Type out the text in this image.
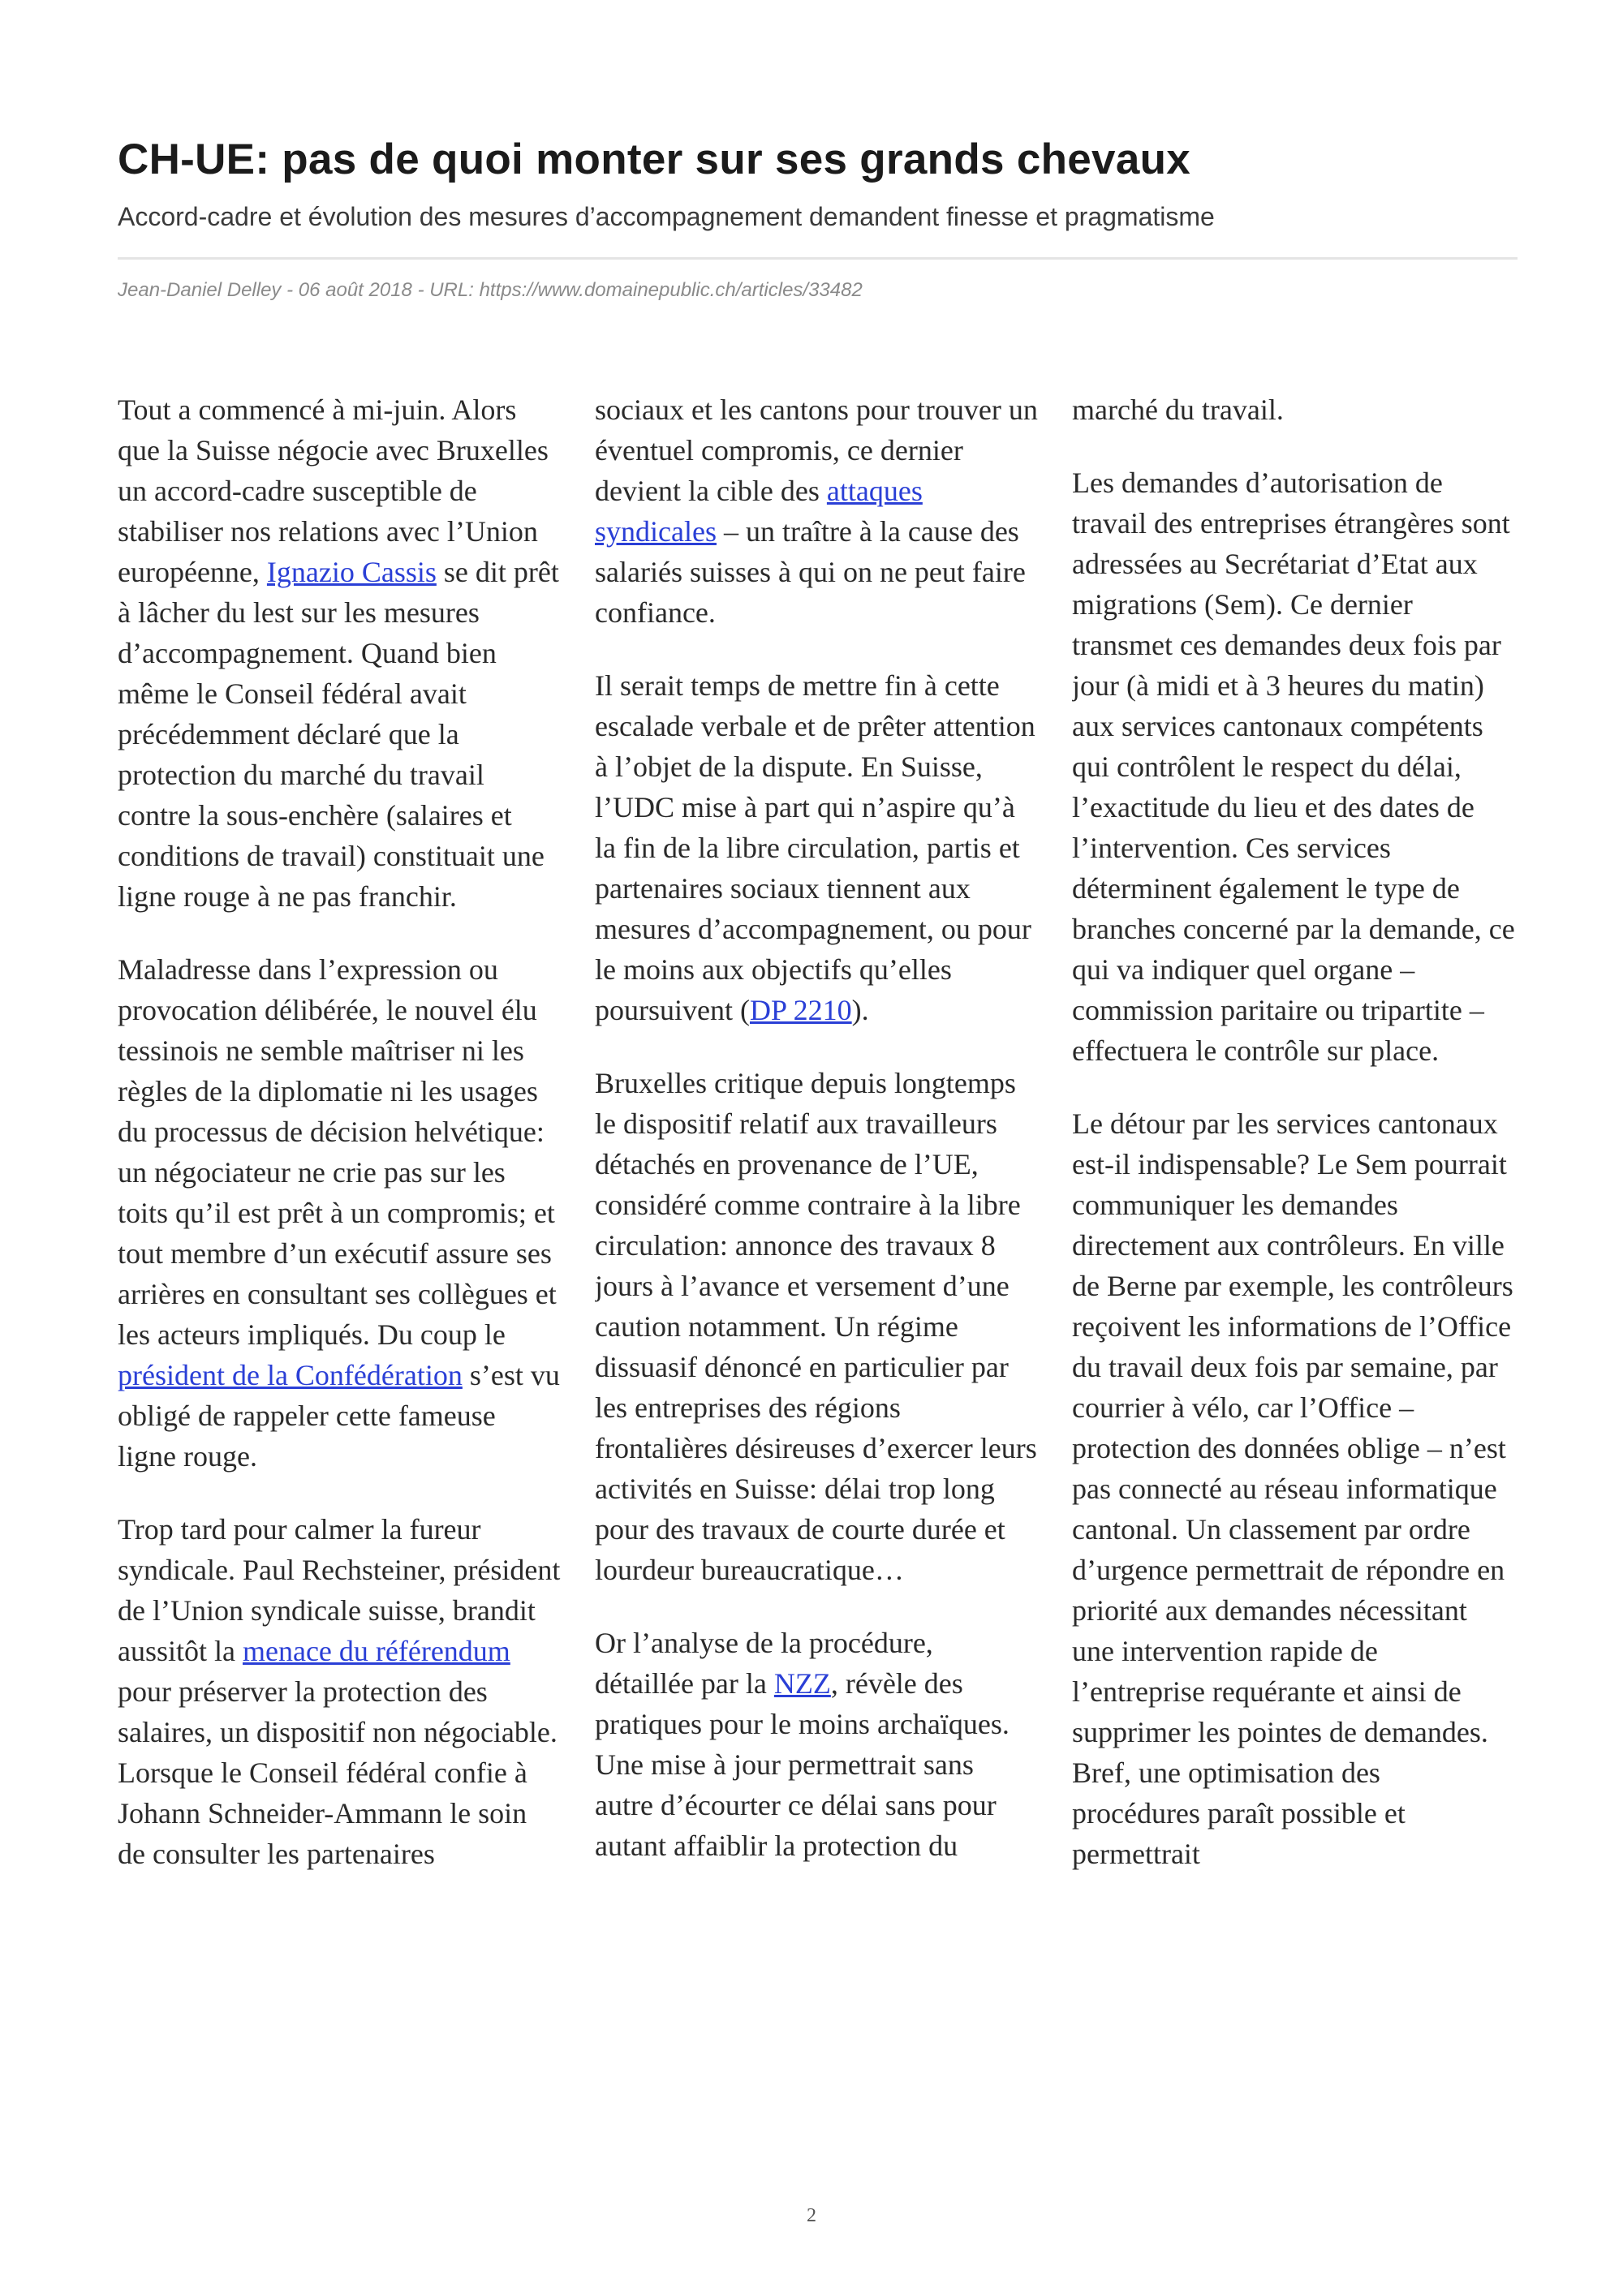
CH-UE: pas de quoi monter sur ses grands chevaux
Accord-cadre et évolution des mesures d’accompagnement demandent finesse et pragmatisme
Jean-Daniel Delley - 06 août 2018 - URL: https://www.domainepublic.ch/articles/33482

Tout a commencé à mi-juin. Alors que la Suisse négocie avec Bruxelles un accord-cadre susceptible de stabiliser nos relations avec l’Union européenne, Ignazio Cassis se dit prêt à lâcher du lest sur les mesures d’accompagnement. Quand bien même le Conseil fédéral avait précédemment déclaré que la protection du marché du travail contre la sous-enchère (salaires et conditions de travail) constituait une ligne rouge à ne pas franchir.

Maladresse dans l’expression ou provocation délibérée, le nouvel élu tessinois ne semble maîtriser ni les règles de la diplomatie ni les usages du processus de décision helvétique: un négociateur ne crie pas sur les toits qu’il est prêt à un compromis; et tout membre d’un exécutif assure ses arrières en consultant ses collègues et les acteurs impliqués. Du coup le président de la Confédération s’est vu obligé de rappeler cette fameuse ligne rouge.

Trop tard pour calmer la fureur syndicale. Paul Rechsteiner, président de l’Union syndicale suisse, brandit aussitôt la menace du référendum pour préserver la protection des salaires, un dispositif non négociable. Lorsque le Conseil fédéral confie à Johann Schneider-Ammann le soin de consulter les partenaires

sociaux et les cantons pour trouver un éventuel compromis, ce dernier devient la cible des attaques syndicales – un traître à la cause des salariés suisses à qui on ne peut faire confiance.

Il serait temps de mettre fin à cette escalade verbale et de prêter attention à l’objet de la dispute. En Suisse, l’UDC mise à part qui n’aspire qu’à la fin de la libre circulation, partis et partenaires sociaux tiennent aux mesures d’accompagnement, ou pour le moins aux objectifs qu’elles poursuivent (DP 2210).

Bruxelles critique depuis longtemps le dispositif relatif aux travailleurs détachés en provenance de l’UE, considéré comme contraire à la libre circulation: annonce des travaux 8 jours à l’avance et versement d’une caution notamment. Un régime dissuasif dénoncé en particulier par les entreprises des régions frontalières désireuses d’exercer leurs activités en Suisse: délai trop long pour des travaux de courte durée et lourdeur bureaucratique…

Or l’analyse de la procédure, détaillée par la NZZ, révèle des pratiques pour le moins archaïques. Une mise à jour permettrait sans autre d’écourter ce délai sans pour autant affaiblir la protection du

marché du travail.

Les demandes d’autorisation de travail des entreprises étrangères sont adressées au Secrétariat d’Etat aux migrations (Sem). Ce dernier transmet ces demandes deux fois par jour (à midi et à 3 heures du matin) aux services cantonaux compétents qui contrôlent le respect du délai, l’exactitude du lieu et des dates de l’intervention. Ces services déterminent également le type de branches concerné par la demande, ce qui va indiquer quel organe – commission paritaire ou tripartite – effectuera le contrôle sur place.

Le détour par les services cantonaux est-il indispensable? Le Sem pourrait communiquer les demandes directement aux contrôleurs. En ville de Berne par exemple, les contrôleurs reçoivent les informations de l’Office du travail deux fois par semaine, par courrier à vélo, car l’Office – protection des données oblige – n’est pas connecté au réseau informatique cantonal. Un classement par ordre d’urgence permettrait de répondre en priorité aux demandes nécessitant une intervention rapide de l’entreprise requérante et ainsi de supprimer les pointes de demandes. Bref, une optimisation des procédures paraît possible et permettrait

2
